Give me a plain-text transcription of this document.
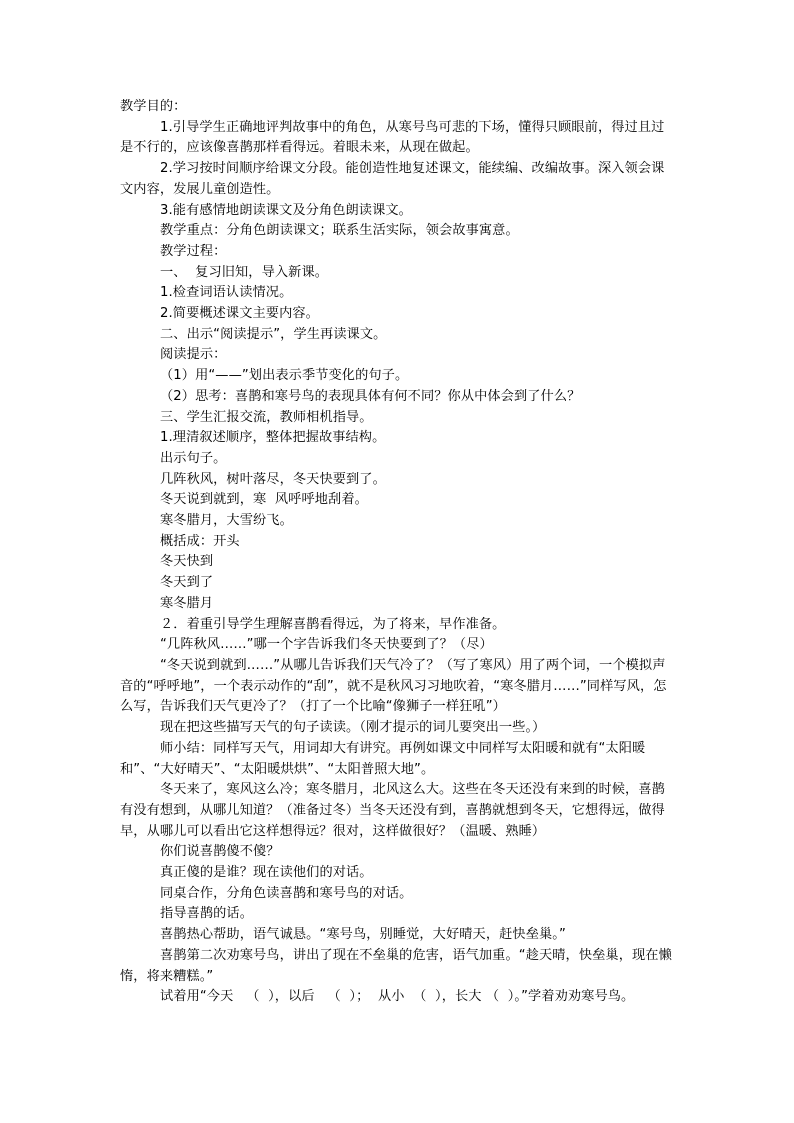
教学目的：

1.引导学生正确地评判故事中的角色，从寒号鸟可悲的下场，懂得只顾眼前，得过且过是不行的，应该像喜鹊那样看得远。着眼未来，从现在做起。

2.学习按时间顺序给课文分段。能创造性地复述课文，能续编、改编故事。深入领会课文内容，发展儿童创造性。

3.能有感情地朗读课文及分角色朗读课文。

教学重点：分角色朗读课文；联系生活实际，领会故事寓意。

教学过程：

一、  复习旧知，导入新课。

1.检查词语认读情况。

2.简要概述课文主要内容。

二、出示“阅读提示”，学生再读课文。

阅读提示：

（1）用“——”划出表示季节变化的句子。

（2）思考：喜鹊和寒号鸟的表现具体有何不同？你从中体会到了什么？

三、学生汇报交流，教师相机指导。

1.理清叙述顺序，整体把握故事结构。

出示句子。

几阵秋风，树叶落尽，冬天快要到了。

冬天说到就到，寒  风呼呼地刮着。

寒冬腊月，大雪纷飞。

概括成：开头

冬天快到

冬天到了

寒冬腊月

２．着重引导学生理解喜鹊看得远，为了将来，早作准备。

“几阵秋风……”哪一个字告诉我们冬天快要到了？（尽）

“冬天说到就到……”从哪儿告诉我们天气冷了？（写了寒风）用了两个词，一个模拟声音的“呼呼地”，一个表示动作的“刮”，就不是秋风习习地吹着，“寒冬腊月……”同样写风，怎么写，告诉我们天气更冷了？（打了一个比喻“像狮子一样狂吼”）

现在把这些描写天气的句子读读。（刚才提示的词儿要突出一些。）

师小结：同样写天气，用词却大有讲究。再例如课文中同样写太阳暖和就有“太阳暖和”、“大好晴天”、“太阳暖烘烘”、“太阳普照大地”。

冬天来了，寒风这么冷；寒冬腊月，北风这么大。这些在冬天还没有来到的时候，喜鹊有没有想到，从哪儿知道？（准备过冬）当冬天还没有到，喜鹊就想到冬天，它想得远，做得早，从哪儿可以看出它这样想得远？很对，这样做很好？（温暖、熟睡）

你们说喜鹊傻不傻？

真正傻的是谁？现在读他们的对话。

同桌合作，分角色读喜鹊和寒号鸟的对话。

指导喜鹊的话。

喜鹊热心帮助，语气诚恳。“寒号鸟，别睡觉，大好晴天，赶快垒巢。”

喜鹊第二次劝寒号鸟，讲出了现在不垒巢的危害，语气加重。“趁天晴，快垒巢，现在懒惰，将来糟糕。”

试着用“今天   （  ），以后   （  ）；  从小  （  ），长大 （  ）。”学着劝劝寒号鸟。
